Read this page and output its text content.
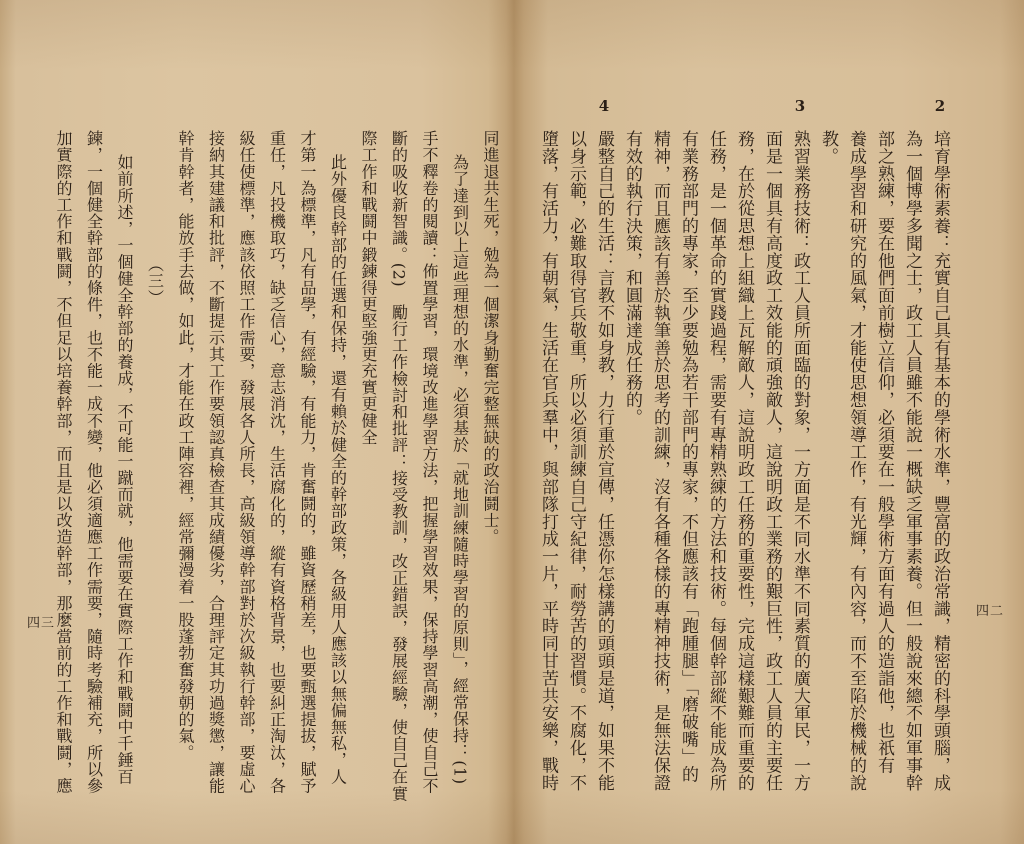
同進退共生死，勉為一個潔身勤奮完整無缺的政治鬪士。
為了達到以上這些理想的水準，必須基於「就地訓練隨時學習的原則」，經常保持：(1)
手不釋卷的閱讀：佈置學習，環境改進學習方法，把握學習效果，保持學習高潮，使自己不
斷的吸收新智識。(2)　勵行工作檢討和批評：接受教訓，改正錯誤，發展經驗，使自己在實
際工作和戰鬪中鍛鍊得更堅強更充實更健全
此外優良幹部的任選和保持，還有賴於健全的幹部政策，各級用人應該以無偏無私，人
才第一為標準，凡有品學，有經驗，有能力，肯奮鬪的，雖資歷稍差，也要甄選提拔，賦予
重任，凡投機取巧，缺乏信心，意志消沈，生活腐化的，縱有資格背景，也要糾正淘汰，各
級任使標準，應該依照工作需要，發展各人所長，高級領導幹部對於次級執行幹部，要虛心
接納其建議和批評，不斷提示其工作要領認真檢查其成績優劣，合理評定其功過獎懲，讓能
幹肯幹者，能放手去做，如此，才能在政工陣容裡，經常彌漫着一股蓬勃奮發朝的氣。
（三）
如前所述，一個健全幹部的養成，不可能一蹴而就，他需要在實際工作和戰鬪中千錘百
鍊，一個健全幹部的條件，也不能一成不變，他必須適應工作需要，隨時考驗補充，所以參
加實際的工作和戰鬪，不但足以培養幹部，而且是以改造幹部，那麼當前的工作和戰鬪，應
四三
2
培育學術素養：充實自己具有基本的學術水準，豐富的政治常識，精密的科學頭腦，成
為一個博學多聞之士，政工人員雖不能說一概缺乏軍事素養。但一般說來總不如軍事幹
部之熟練，要在他們面前樹立信仰，必須要在一般學術方面有過人的造詣他，也祇有
養成學習和研究的風氣，才能使思想領導工作，有光輝，有內容，而不至陷於機械的說
教。
3
熟習業務技術：政工人員所面臨的對象，一方面是不同水準不同素質的廣大軍民，一方
面是一個具有高度政工效能的頑強敵人，這說明政工業務的艱巨性，政工人員的主要任
務，在於從思想上組織上瓦解敵人，這說明政工任務的重要性，完成這樣艱難而重要的
任務，是一個革命的實踐過程，需要有專精熟練的方法和技術。每個幹部縱不能成為所
有業務部門的專家，至少要勉為若干部門的專家，不但應該有「跑腫腿」「磨破嘴」的
精神，而且應該有善於執筆善於思考的訓練，沒有各種各樣的專精神技術，是無法保證
有效的執行決策，和圓滿達成任務的。
4
嚴整自己的生活：言教不如身教，力行重於宣傳，任憑你怎樣講的頭頭是道，如果不能
以身示範，必難取得官兵敬重，所以必須訓練自己守紀律，耐勞苦的習慣。不腐化，不
墮落，有活力，有朝氣，生活在官兵羣中，與部隊打成一片，平時同甘苦共安樂，戰時	四二
